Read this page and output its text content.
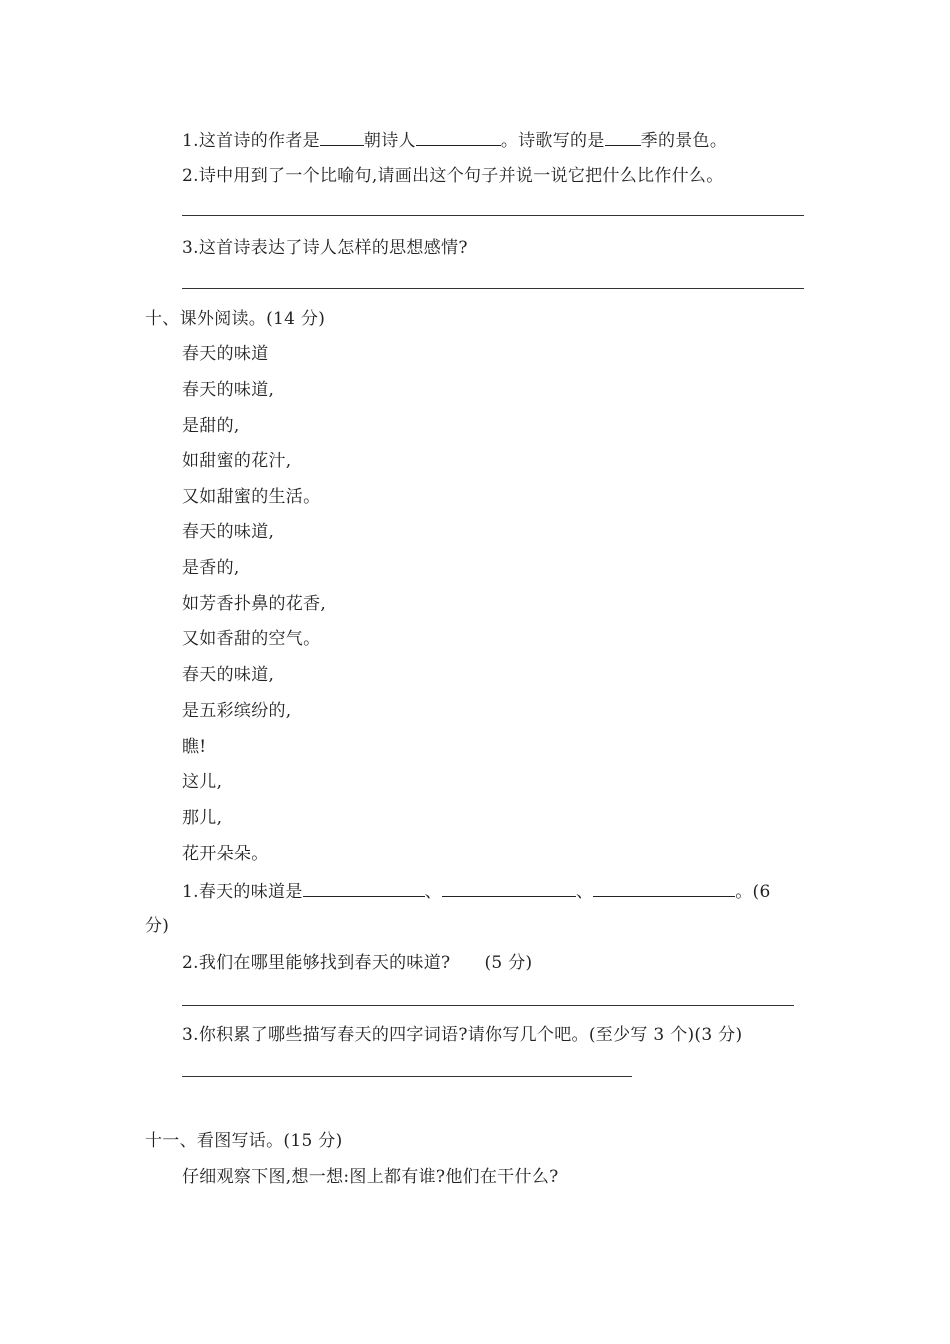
1.这首诗的作者是	朝诗人	。诗歌写的是 季的景色。
2.诗中用到了一个比喻句,请画出这个句子并说一说它把什么比作什么。
3.这首诗表达了诗人怎样的思想感情?
十、课外阅读。(14 分)
春天的味道
春天的味道,
是甜的,
如甜蜜的花汁,
又如甜蜜的生活。
春天的味道,
是香的,
如芳香扑鼻的花香,
又如香甜的空气。
春天的味道,
是五彩缤纷的,
瞧!
这儿,
那儿,
花开朵朵。
1.春天的味道是	、	、	。(6
分)
2.我们在哪里能够找到春天的味道? (5 分)
3.你积累了哪些描写春天的四字词语?请你写几个吧。(至少写 3 个)(3 分)
十一、看图写话。(15 分)
仔细观察下图,想一想:图上都有谁?他们在干什么?
